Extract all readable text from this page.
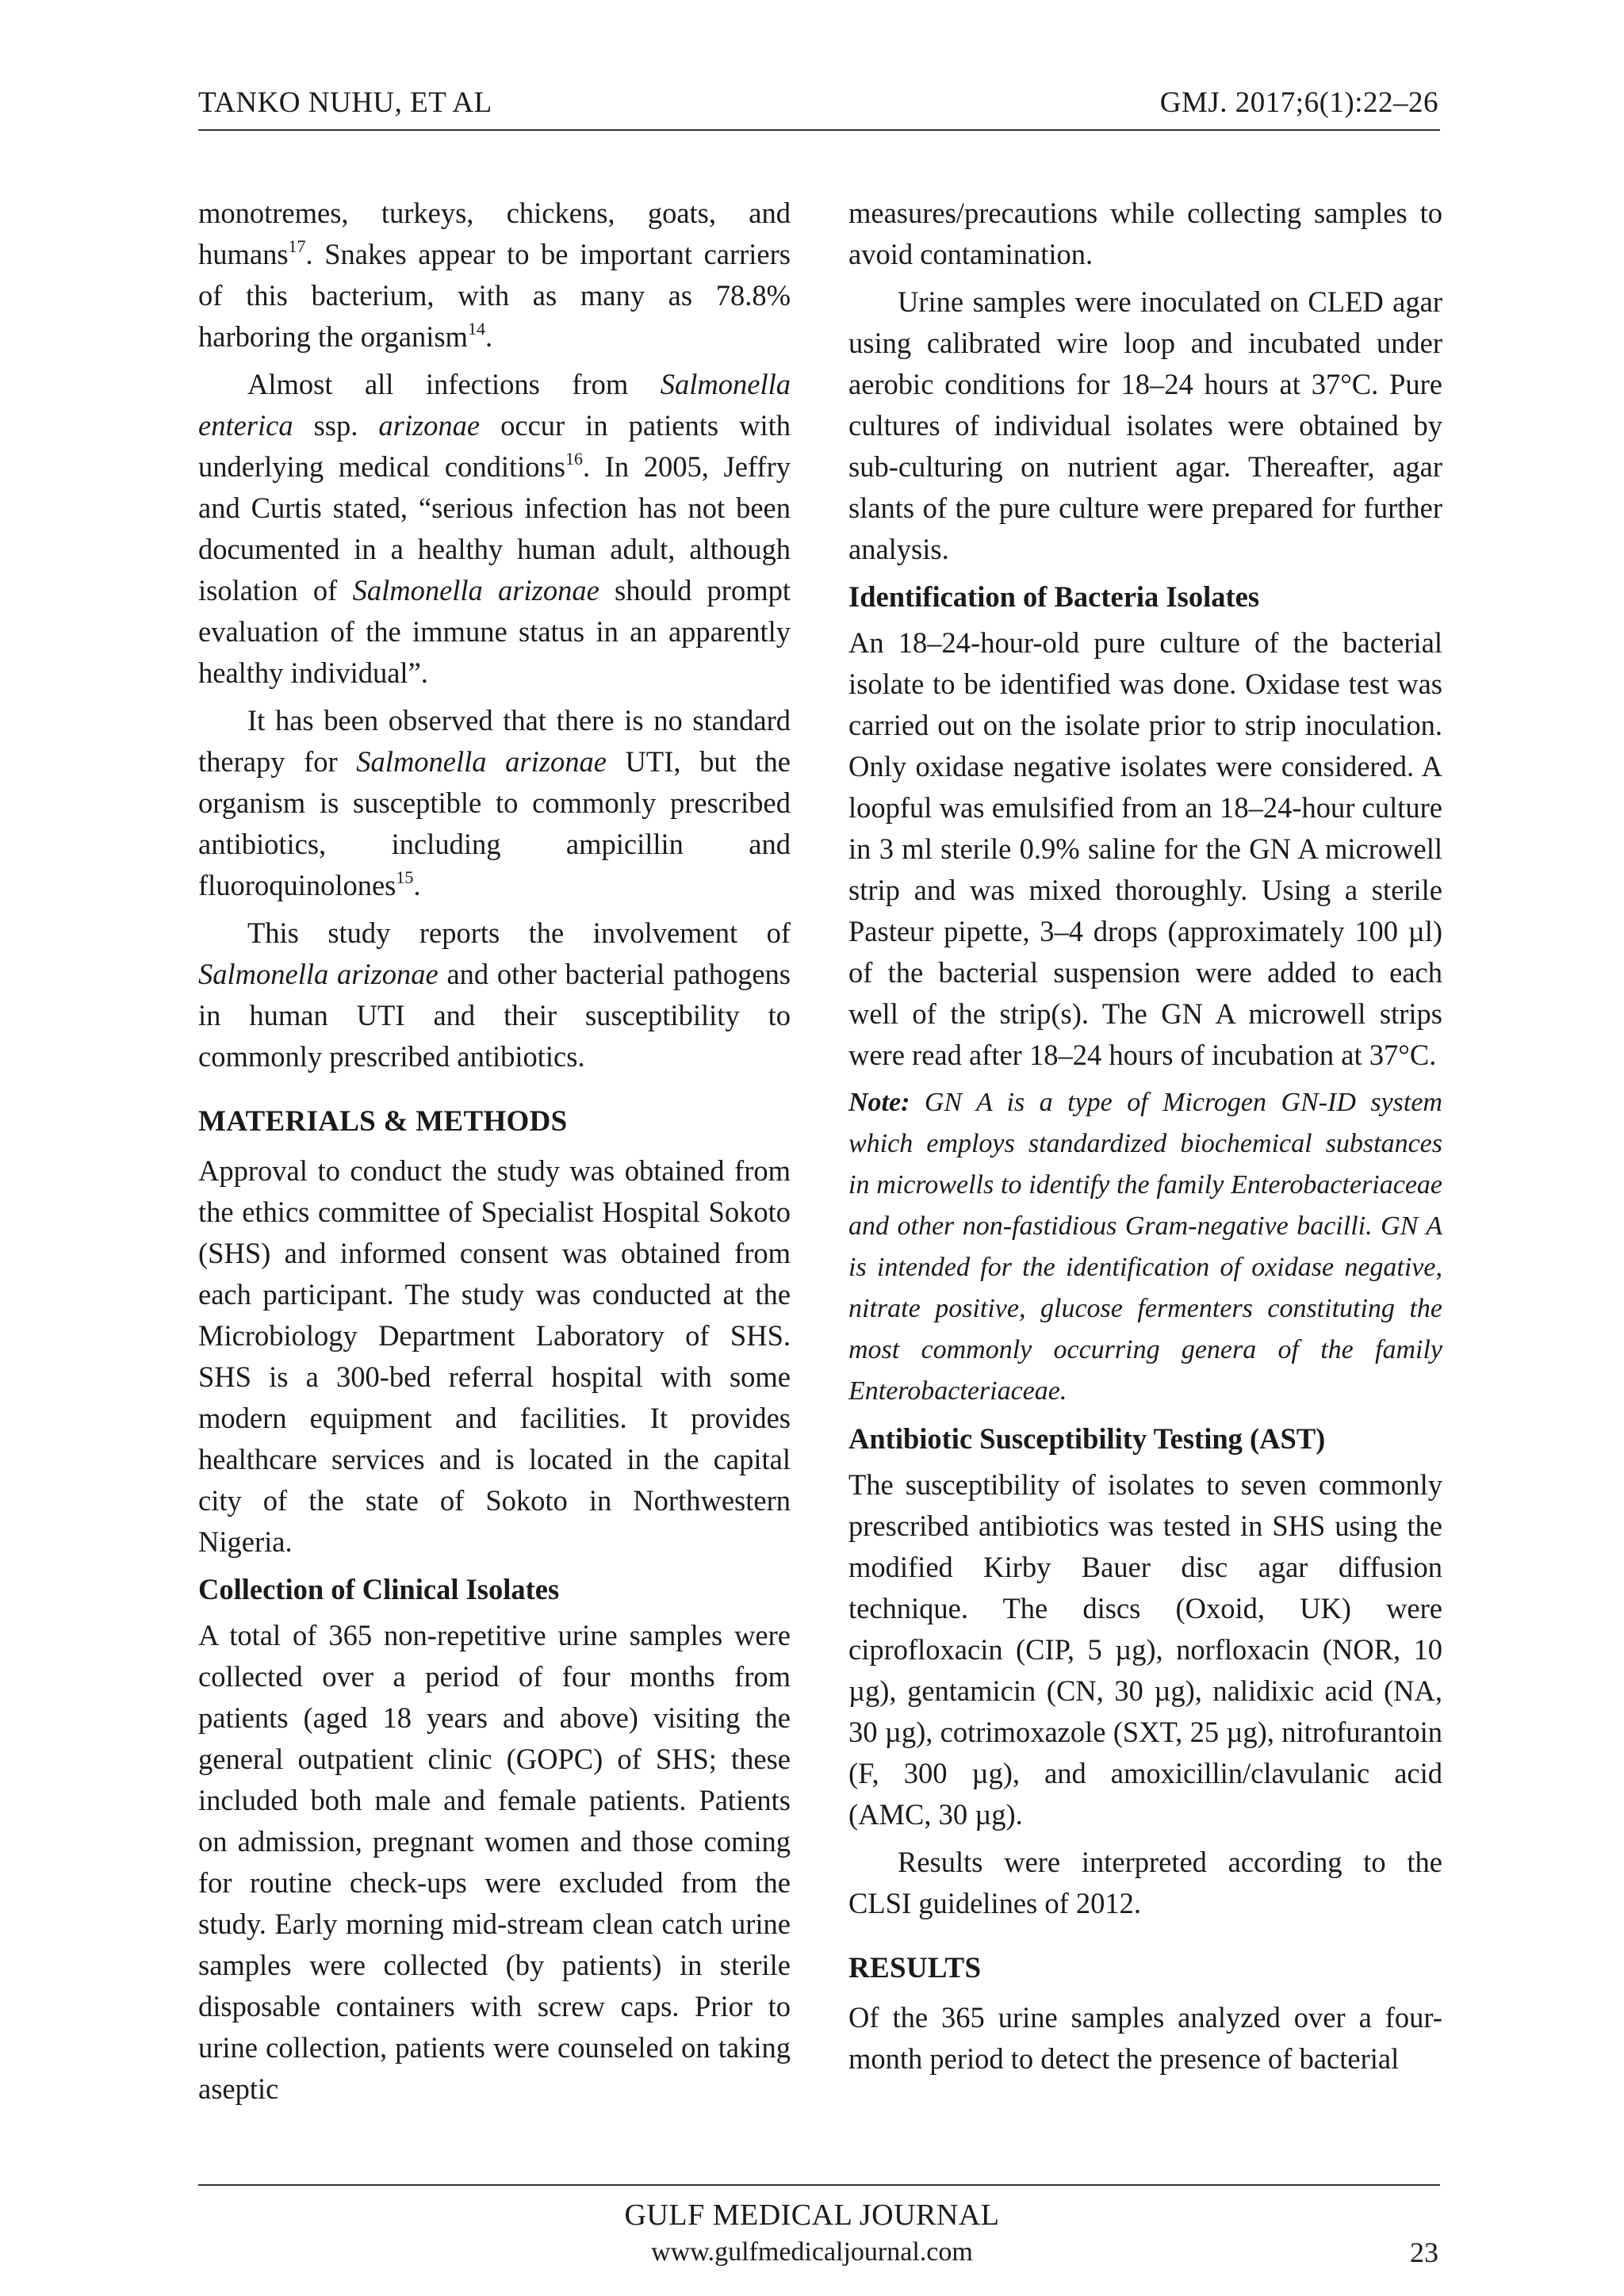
TANKO NUHU, ET AL	GMJ. 2017;6(1):22–26

monotremes, turkeys, chickens, goats, and humans$^{17}$. Snakes appear to be important carriers of this bacterium, with as many as 78.8% harboring the organism$^{14}$.

Almost all infections from Salmonella enterica ssp. arizonae occur in patients with underlying medical conditions$^{16}$. In 2005, Jeffry and Curtis stated, “serious infection has not been documented in a healthy human adult, although isolation of Salmonella arizonae should prompt evaluation of the immune status in an apparently healthy individual”.

It has been observed that there is no standard therapy for Salmonella arizonae UTI, but the organism is susceptible to commonly prescribed antibiotics, including ampicillin and fluoroquinolones$^{15}$.

This study reports the involvement of Salmonella arizonae and other bacterial pathogens in human UTI and their susceptibility to commonly prescribed antibiotics.

MATERIALS & METHODS

Approval to conduct the study was obtained from the ethics committee of Specialist Hospital Sokoto (SHS) and informed consent was obtained from each participant. The study was conducted at the Microbiology Department Laboratory of SHS. SHS is a 300-bed referral hospital with some modern equipment and facilities. It provides healthcare services and is located in the capital city of the state of Sokoto in Northwestern Nigeria.

Collection of Clinical Isolates

A total of 365 non-repetitive urine samples were collected over a period of four months from patients (aged 18 years and above) visiting the general outpatient clinic (GOPC) of SHS; these included both male and female patients. Patients on admission, pregnant women and those coming for routine check-ups were excluded from the study. Early morning mid-stream clean catch urine samples were collected (by patients) in sterile disposable containers with screw caps. Prior to urine collection, patients were counseled on taking aseptic

measures/precautions while collecting samples to avoid contamination.

Urine samples were inoculated on CLED agar using calibrated wire loop and incubated under aerobic conditions for 18–24 hours at 37°C. Pure cultures of individual isolates were obtained by sub-culturing on nutrient agar. Thereafter, agar slants of the pure culture were prepared for further analysis.

Identification of Bacteria Isolates

An 18–24-hour-old pure culture of the bacterial isolate to be identified was done. Oxidase test was carried out on the isolate prior to strip inoculation. Only oxidase negative isolates were considered. A loopful was emulsified from an 18–24-hour culture in 3 ml sterile 0.9% saline for the GN A microwell strip and was mixed thoroughly. Using a sterile Pasteur pipette, 3–4 drops (approximately 100 µl) of the bacterial suspension were added to each well of the strip(s). The GN A microwell strips were read after 18–24 hours of incubation at 37°C.

Note: GN A is a type of Microgen GN-ID system which employs standardized biochemical substances in microwells to identify the family Enterobacteriaceae and other non-fastidious Gram-negative bacilli. GN A is intended for the identification of oxidase negative, nitrate positive, glucose fermenters constituting the most commonly occurring genera of the family Enterobacteriaceae.

Antibiotic Susceptibility Testing (AST)

The susceptibility of isolates to seven commonly prescribed antibiotics was tested in SHS using the modified Kirby Bauer disc agar diffusion technique. The discs (Oxoid, UK) were ciprofloxacin (CIP, 5 µg), norfloxacin (NOR, 10 µg), gentamicin (CN, 30 µg), nalidixic acid (NA, 30 µg), cotrimoxazole (SXT, 25 µg), nitrofurantoin (F, 300 µg), and amoxicillin/clavulanic acid (AMC, 30 µg).

Results were interpreted according to the CLSI guidelines of 2012.

RESULTS

Of the 365 urine samples analyzed over a four-month period to detect the presence of bacterial

GULF MEDICAL JOURNAL
www.gulfmedicaljournal.com	23
